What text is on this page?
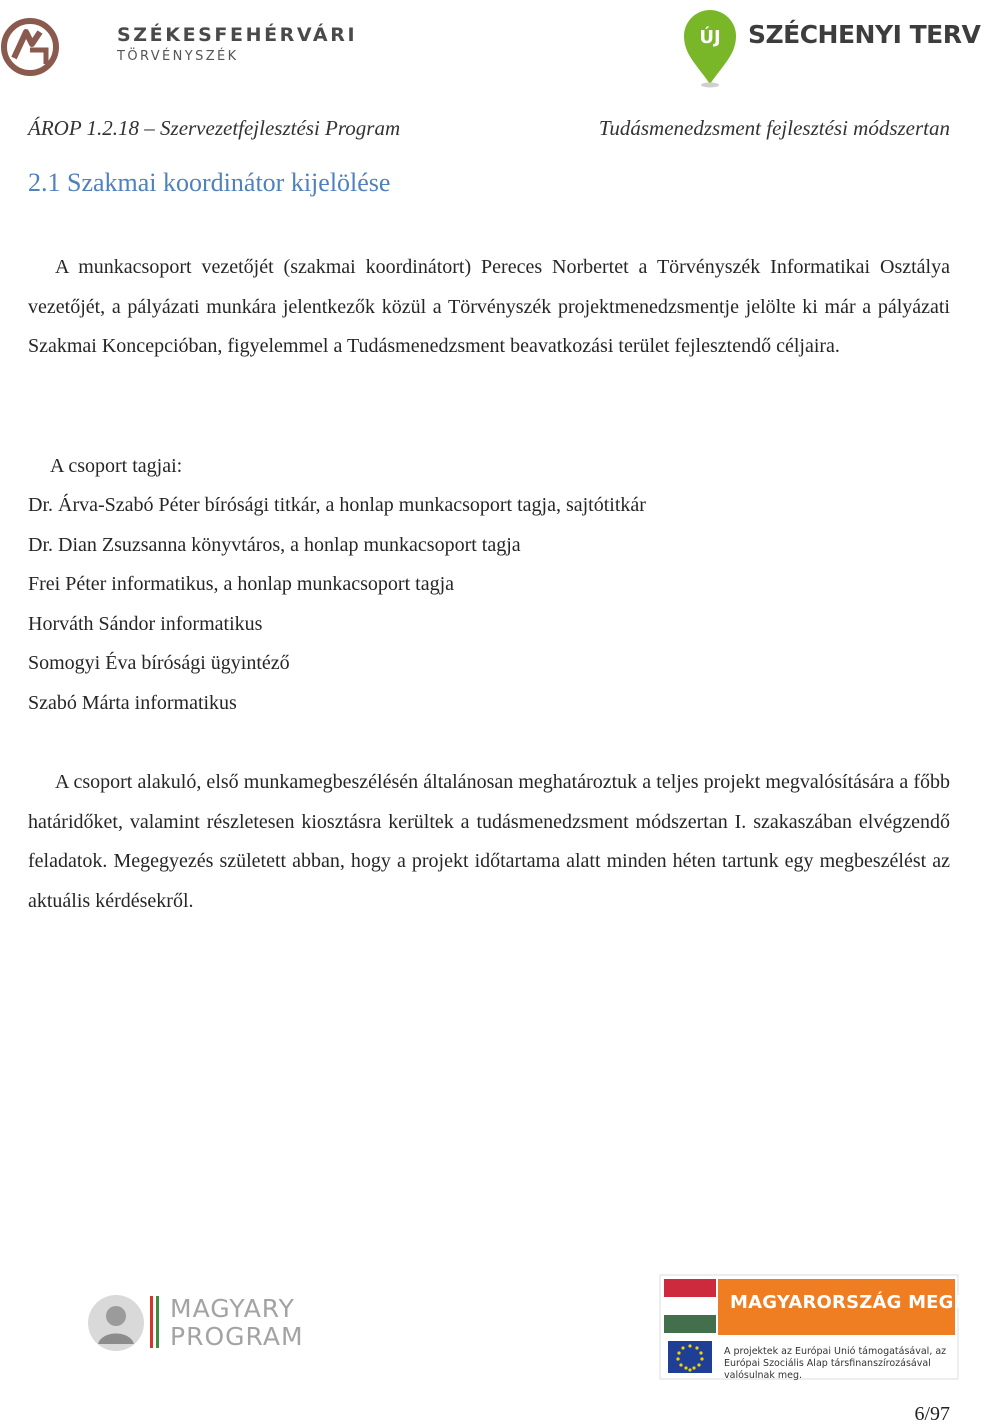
SZÉKESFEHÉRVÁRI
TÖRVÉNYSZÉK
ÚJ SZÉCHENYI TERV
ÁROP 1.2.18 – Szervezetfejlesztési Program	Tudásmenedzsment fejlesztési módszertan
2.1 Szakmai koordinátor kijelölése

A munkacsoport vezetőjét (szakmai koordinátort) Pereces Norbertet a Törvényszék Informatikai Osztálya vezetőjét, a pályázati munkára jelentkezők közül a Törvényszék projektmenedzsmentje jelölte ki már a pályázati Szakmai Koncepcióban, figyelemmel a Tudásmenedzsment beavatkozási terület fejlesztendő céljaira.

A csoport tagjai:

Dr. Árva-Szabó Péter bírósági titkár, a honlap munkacsoport tagja, sajtótitkár
Dr. Dian Zsuzsanna könyvtáros, a honlap munkacsoport tagja
Frei Péter informatikus, a honlap munkacsoport tagja
Horváth Sándor informatikus
Somogyi Éva bírósági ügyintéző
Szabó Márta informatikus

A csoport alakuló, első munkamegbeszélésén általánosan meghatároztuk a teljes projekt megvalósítására a főbb határidőket, valamint részletesen kiosztásra kerültek a tudásmenedzsment módszertan I. szakaszában elvégzendő feladatok. Megegyezés született abban, hogy a projekt időtartama alatt minden héten tartunk egy megbeszélést az aktuális kérdésekről.

MAGYARY
PROGRAM
MAGYARORSZÁG MEGÚJUL
A projektek az Európai Unió támogatásával, az Európai Szociális Alap társfinanszírozásával valósulnak meg.
6/97
